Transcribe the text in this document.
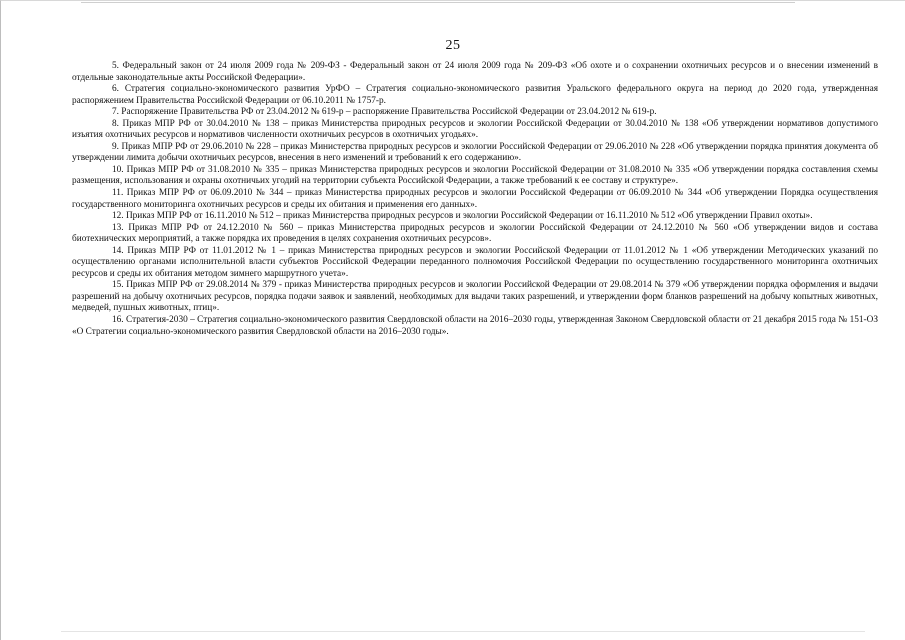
25

5. Федеральный закон от 24 июля 2009 года № 209-ФЗ - Федеральный закон от 24 июля 2009 года № 209-ФЗ «Об охоте и о сохранении охотничьих ресурсов и о внесении изменений в отдельные законодательные акты Российской Федерации».

6. Стратегия социально-экономического развития УрФО – Стратегия социально-экономического развития Уральского федерального округа на период до 2020 года, утвержденная распоряжением Правительства Российской Федерации от 06.10.2011 № 1757-р.

7. Распоряжение Правительства РФ от 23.04.2012 № 619-р – распоряжение Правительства Российской Федерации от 23.04.2012 № 619-р.

8. Приказ МПР РФ от 30.04.2010 № 138 – приказ Министерства природных ресурсов и экологии Российской Федерации от 30.04.2010 № 138 «Об утверждении нормативов допустимого изъятия охотничьих ресурсов и нормативов численности охотничьих ресурсов в охотничьих угодьях».

9. Приказ МПР РФ от 29.06.2010 № 228 – приказ Министерства природных ресурсов и экологии Российской Федерации от 29.06.2010 № 228 «Об утверждении порядка принятия документа об утверждении лимита добычи охотничьих ресурсов, внесения в него изменений и требований к его содержанию».

10. Приказ МПР РФ от 31.08.2010 № 335 – приказ Министерства природных ресурсов и экологии Российской Федерации от 31.08.2010 № 335 «Об утверждении порядка составления схемы размещения, использования и охраны охотничьих угодий на территории субъекта Российской Федерации, а также требований к ее составу и структуре».

11. Приказ МПР РФ от 06.09.2010 № 344 – приказ Министерства природных ресурсов и экологии Российской Федерации от 06.09.2010 № 344 «Об утверждении Порядка осуществления государственного мониторинга охотничьих ресурсов и среды их обитания и применения его данных».

12. Приказ МПР РФ от 16.11.2010 № 512 – приказ Министерства природных ресурсов и экологии Российской Федерации от 16.11.2010 № 512 «Об утверждении Правил охоты».

13. Приказ МПР РФ от 24.12.2010 № 560 – приказ Министерства природных ресурсов и экологии Российской Федерации от 24.12.2010 № 560 «Об утверждении видов и состава биотехнических мероприятий, а также порядка их проведения в целях сохранения охотничьих ресурсов».

14. Приказ МПР РФ от 11.01.2012 № 1 – приказ Министерства природных ресурсов и экологии Российской Федерации от 11.01.2012 № 1 «Об утверждении Методических указаний по осуществлению органами исполнительной власти субъектов Российской Федерации переданного полномочия Российской Федерации по осуществлению государственного мониторинга охотничьих ресурсов и среды их обитания методом зимнего маршрутного учета».

15. Приказ МПР РФ от 29.08.2014 № 379 - приказ Министерства природных ресурсов и экологии Российской Федерации от 29.08.2014 № 379 «Об утверждении порядка оформления и выдачи разрешений на добычу охотничьих ресурсов, порядка подачи заявок и заявлений, необходимых для выдачи таких разрешений, и утверждении форм бланков разрешений на добычу копытных животных, медведей, пушных животных, птиц».

16. Стратегия-2030 – Стратегия социально-экономического развития Свердловской области на 2016–2030 годы, утвержденная Законом Свердловской области от 21 декабря 2015 года № 151-ОЗ «О Стратегии социально-экономического развития Свердловской области на 2016–2030 годы».
